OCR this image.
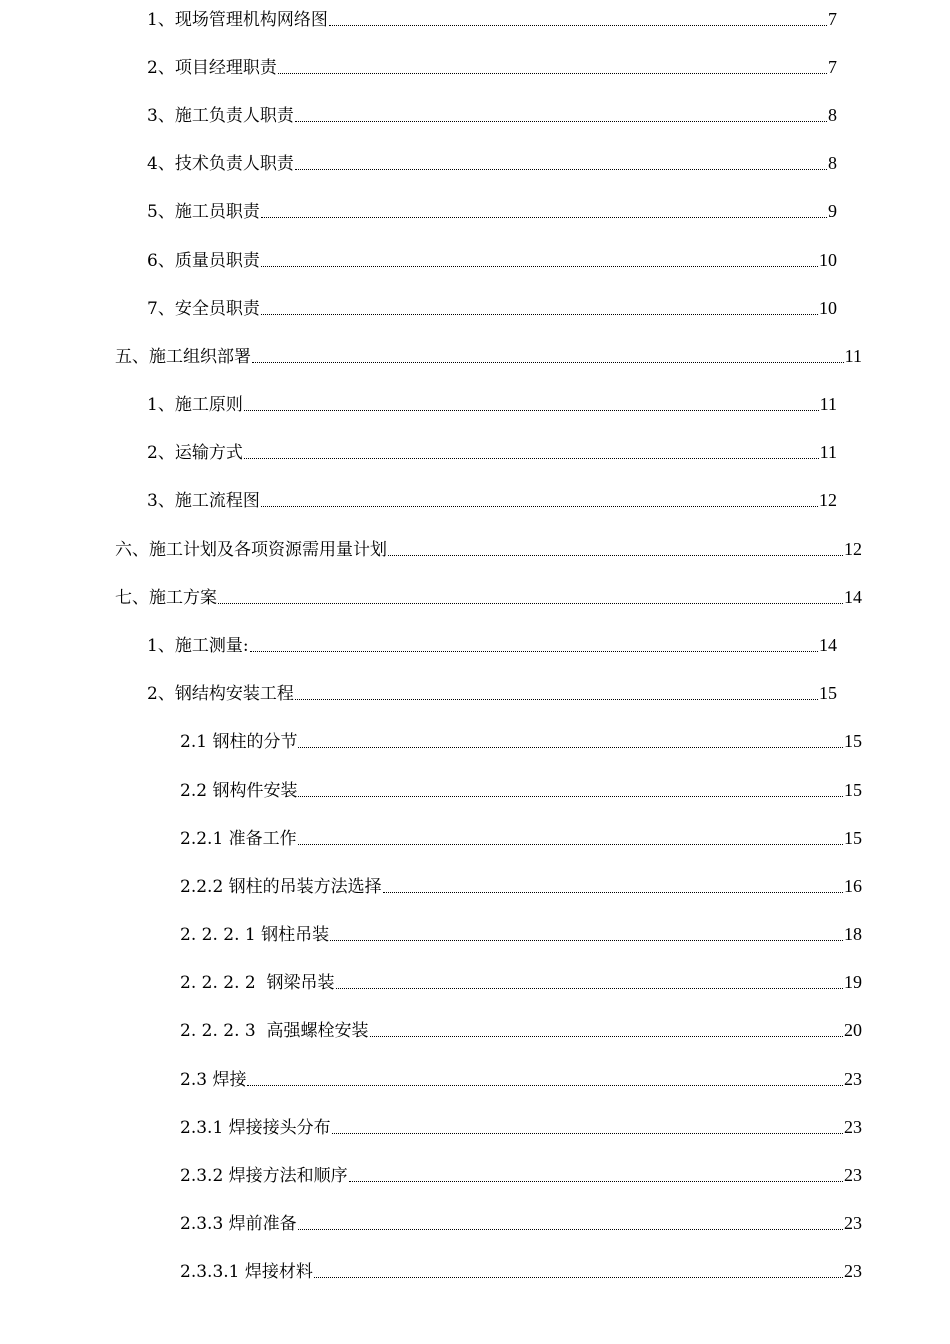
1、现场管理机构网络图	7
2、项目经理职责	7
3、施工负责人职责	8
4、技术负责人职责	8
5、施工员职责	9
6、质量员职责	10
7、安全员职责	10
五、施工组织部署	11
1、施工原则	11
2、运输方式	11
3、施工流程图	12
六、施工计划及各项资源需用量计划	12
七、施工方案	14
1、施工测量:	14
2、钢结构安装工程	15
2.1 钢柱的分节	15
2.2 钢构件安装	15
2.2.1 准备工作	15
2.2.2 钢柱的吊装方法选择	16
2. 2. 2. 1 钢柱吊装	18
2. 2. 2. 2  钢梁吊装	19
2. 2. 2. 3  高强螺栓安装	20
2.3 焊接	23
2.3.1 焊接接头分布	23
2.3.2 焊接方法和顺序	23
2.3.3 焊前准备	23
2.3.3.1 焊接材料	23
